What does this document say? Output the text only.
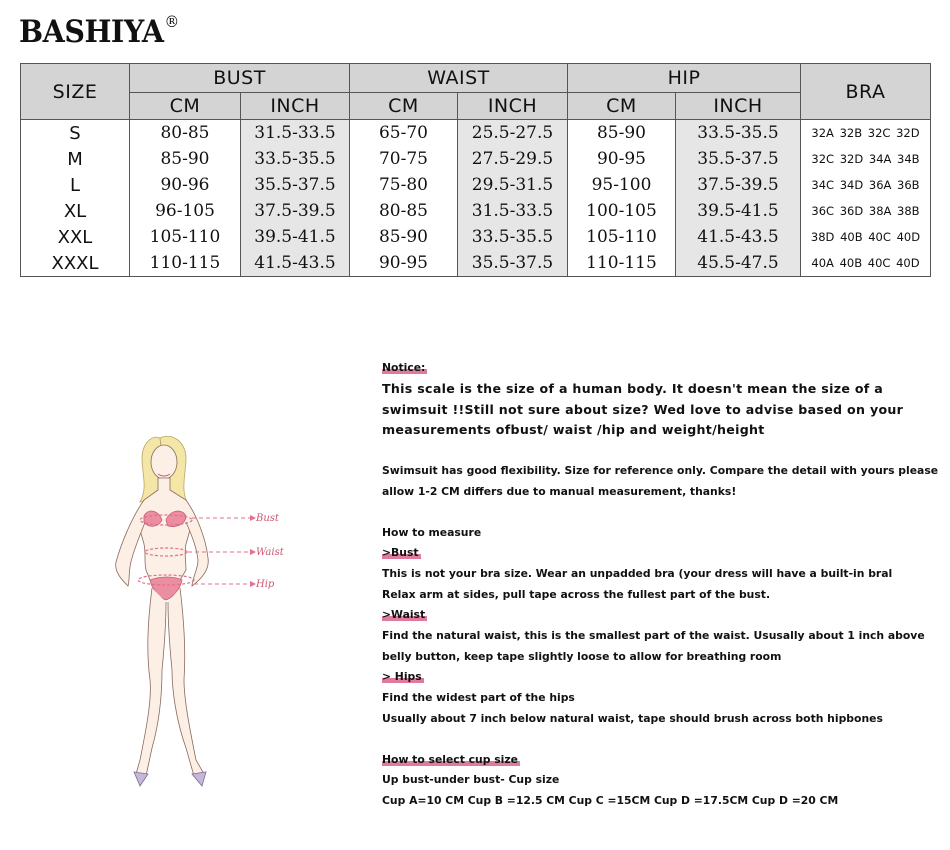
BASHIYA®
SIZE	BUST		WAIST		HIP		BRA
	CM	INCH	CM	INCH	CM	INCH	
S	80-85	31.5-33.5	65-70	25.5-27.5	85-90	33.5-35.5	32A 32B 32C 32D
M	85-90	33.5-35.5	70-75	27.5-29.5	90-95	35.5-37.5	32C 32D 34A 34B
L	90-96	35.5-37.5	75-80	29.5-31.5	95-100	37.5-39.5	34C 34D 36A 36B
XL	96-105	37.5-39.5	80-85	31.5-33.5	100-105	39.5-41.5	36C 36D 38A 38B
XXL	105-110	39.5-41.5	85-90	33.5-35.5	105-110	41.5-43.5	38D 40B 40C 40D
XXXL	110-115	41.5-43.5	90-95	35.5-37.5	110-115	45.5-47.5	40A 40B 40C 40D
Bust
Waist
Hip
Notice:
This scale is the size of a human body. It doesn't mean the size of a
swimsuit !!Still not sure about size? Wed love to advise based on your
measurements ofbust/ waist /hip and weight/height
Swimsuit has good flexibility. Size for reference only. Compare the detail with yours please
allow 1-2 CM differs due to manual measurement, thanks!
How to measure
>Bust
This is not your bra size. Wear an unpadded bra (your dress will have a built-in bral
Relax arm at sides, pull tape across the fullest part of the bust.
>Waist
Find the natural waist, this is the smallest part of the waist. Ususally about 1 inch above
belly button, keep tape slightly loose to allow for breathing room
> Hips
Find the widest part of the hips
Usually about 7 inch below natural waist, tape should brush across both hipbones
How to select cup size
Up bust-under bust- Cup size
Cup A=10 CM Cup B =12.5 CM Cup C =15CM Cup D =17.5CM Cup D =20 CM
